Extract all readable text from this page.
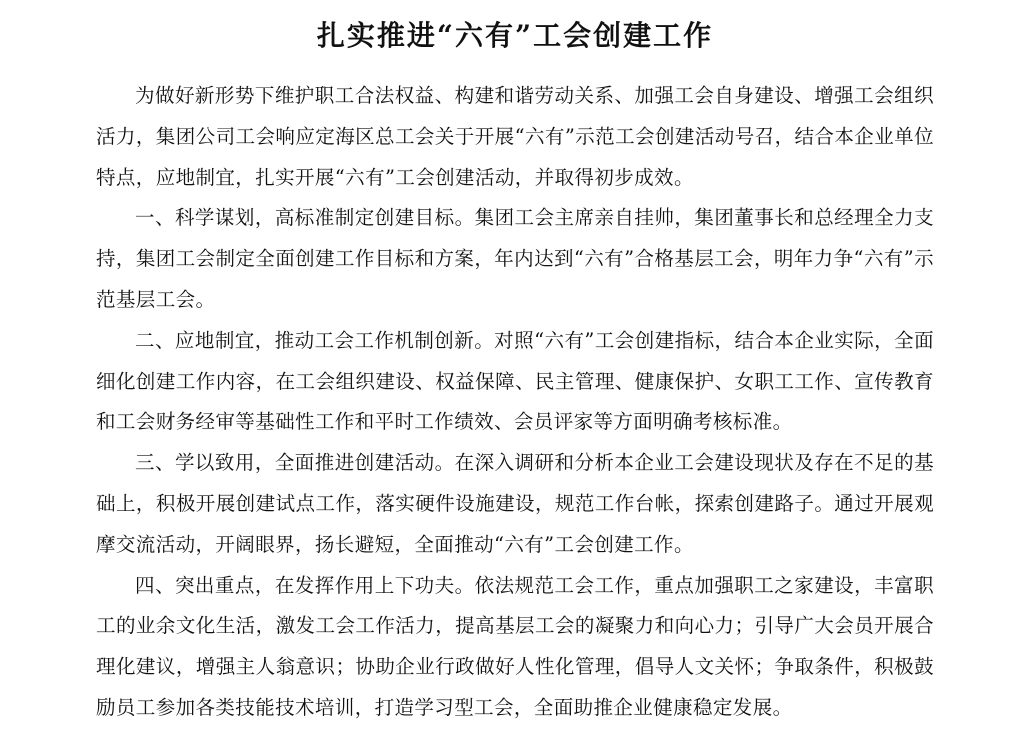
扎实推进“六有”工会创建工作

为做好新形势下维护职工合法权益、构建和谐劳动关系、加强工会自身建设、增强工会组织活力，集团公司工会响应定海区总工会关于开展“六有”示范工会创建活动号召，结合本企业单位特点，应地制宜，扎实开展“六有”工会创建活动，并取得初步成效。

一、科学谋划，高标准制定创建目标。集团工会主席亲自挂帅，集团董事长和总经理全力支持，集团工会制定全面创建工作目标和方案，年内达到“六有”合格基层工会，明年力争“六有”示范基层工会。

二、应地制宜，推动工会工作机制创新。对照“六有”工会创建指标，结合本企业实际，全面细化创建工作内容，在工会组织建设、权益保障、民主管理、健康保护、女职工工作、宣传教育和工会财务经审等基础性工作和平时工作绩效、会员评家等方面明确考核标准。

三、学以致用，全面推进创建活动。在深入调研和分析本企业工会建设现状及存在不足的基础上，积极开展创建试点工作，落实硬件设施建设，规范工作台帐，探索创建路子。通过开展观摩交流活动，开阔眼界，扬长避短，全面推动“六有”工会创建工作。

四、突出重点，在发挥作用上下功夫。依法规范工会工作，重点加强职工之家建设，丰富职工的业余文化生活，激发工会工作活力，提高基层工会的凝聚力和向心力；引导广大会员开展合理化建议，增强主人翁意识；协助企业行政做好人性化管理，倡导人文关怀；争取条件，积极鼓励员工参加各类技能技术培训，打造学习型工会，全面助推企业健康稳定发展。
